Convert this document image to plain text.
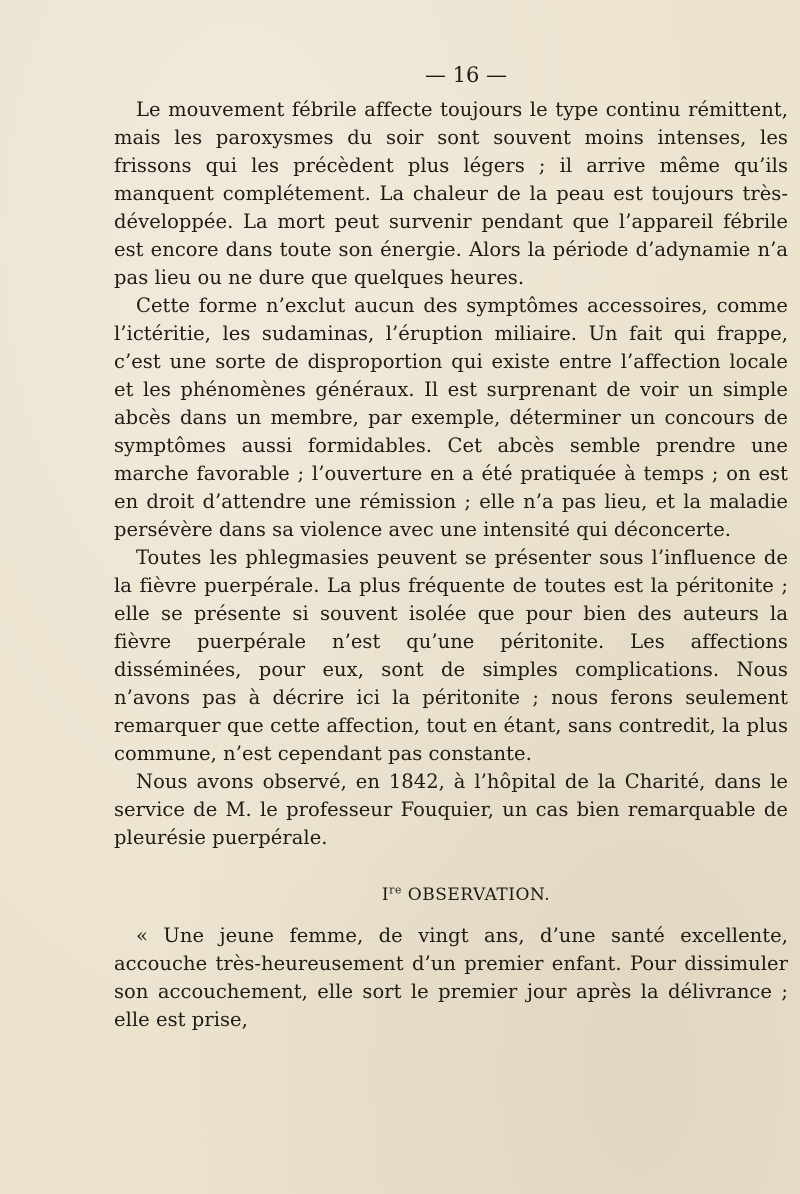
— 16 —

Le mouvement fébrile affecte toujours le type continu rémittent, mais les paroxysmes du soir sont souvent moins intenses, les frissons qui les précèdent plus légers ; il arrive même qu’ils manquent complétement. La chaleur de la peau est toujours très-développée. La mort peut survenir pendant que l’appareil fébrile est encore dans toute son énergie. Alors la période d’adynamie n’a pas lieu ou ne dure que quelques heures.

Cette forme n’exclut aucun des symptômes accessoires, comme l’ictéritie, les sudaminas, l’éruption miliaire. Un fait qui frappe, c’est une sorte de disproportion qui existe entre l’affection locale et les phénomènes généraux. Il est surprenant de voir un simple abcès dans un membre, par exemple, déterminer un concours de symptômes aussi formidables. Cet abcès semble prendre une marche favorable ; l’ouverture en a été pratiquée à temps ; on est en droit d’attendre une rémission ; elle n’a pas lieu, et la maladie persévère dans sa violence avec une intensité qui déconcerte.

Toutes les phlegmasies peuvent se présenter sous l’influence de la fièvre puerpérale. La plus fréquente de toutes est la péritonite ; elle se présente si souvent isolée que pour bien des auteurs la fièvre puerpérale n’est qu’une péritonite. Les affections disséminées, pour eux, sont de simples complications. Nous n’avons pas à décrire ici la péritonite ; nous ferons seulement remarquer que cette affection, tout en étant, sans contredit, la plus commune, n’est cependant pas constante.

Nous avons observé, en 1842, à l’hôpital de la Charité, dans le service de M. le professeur Fouquier, un cas bien remarquable de pleurésie puerpérale.

Ire OBSERVATION.

« Une jeune femme, de vingt ans, d’une santé excellente, accouche très-heureusement d’un premier enfant. Pour dissimuler son accouchement, elle sort le premier jour après la délivrance ; elle est prise,
